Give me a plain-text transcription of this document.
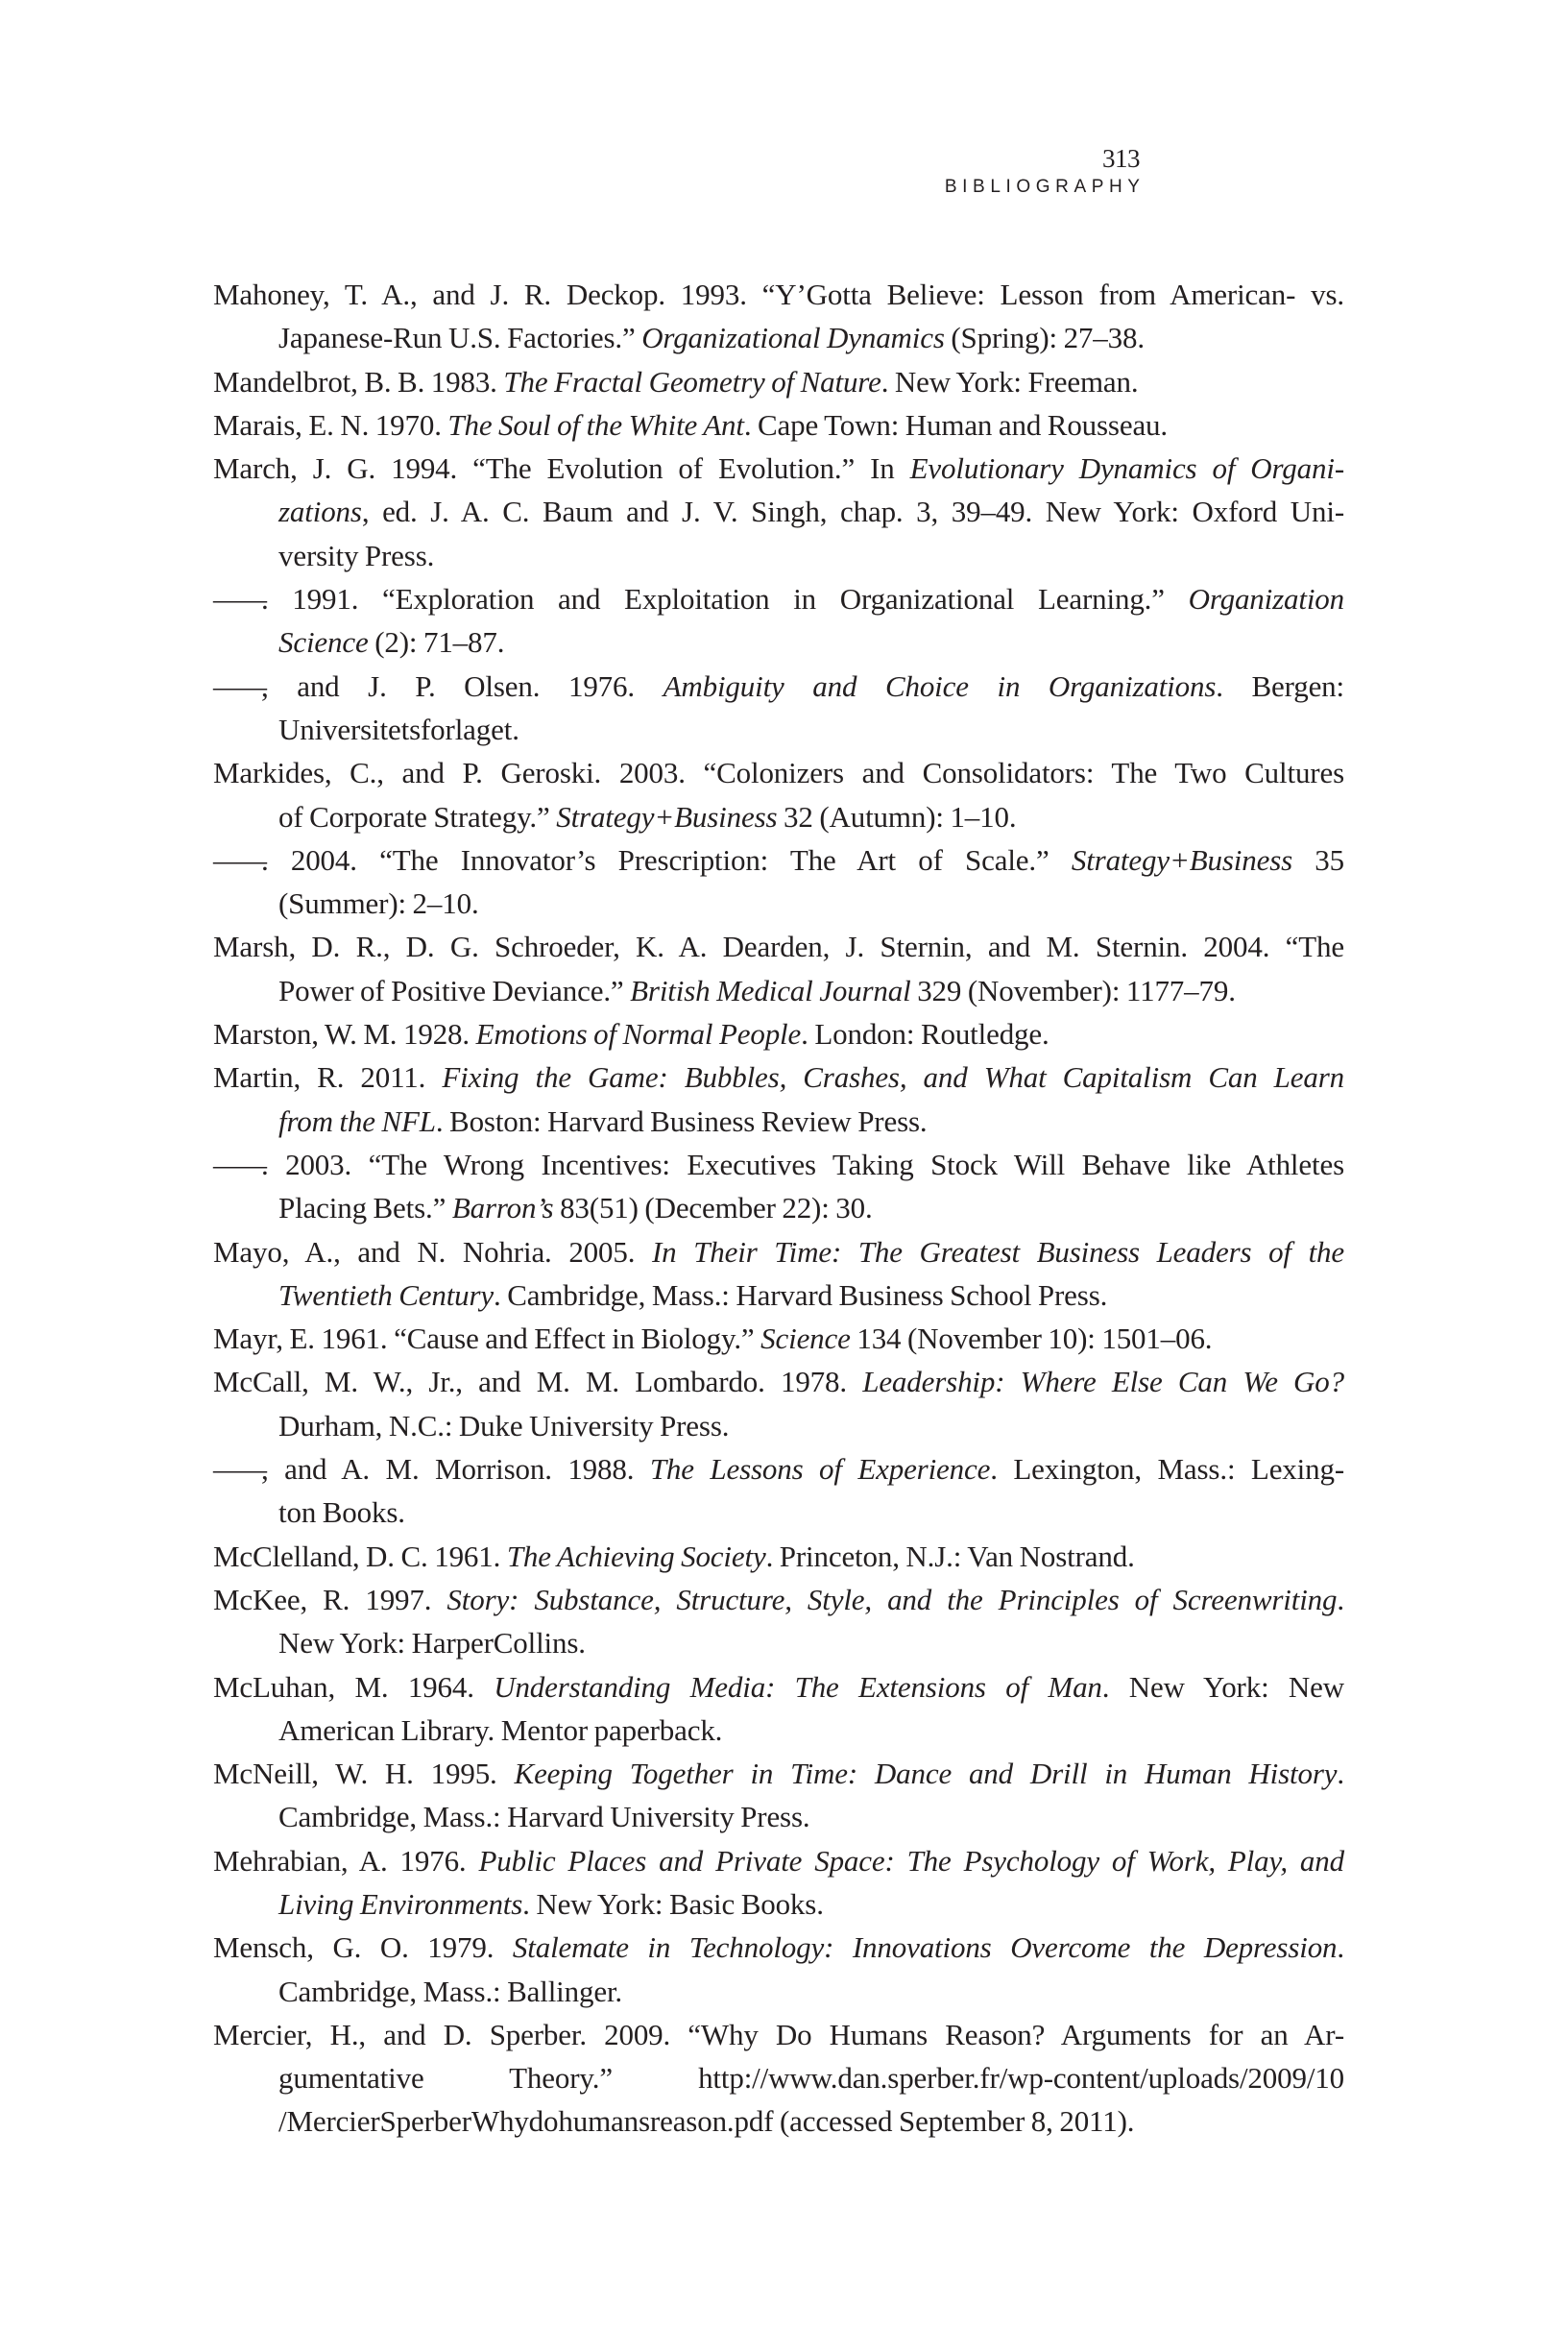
313
BIBLIOGRAPHY
Mahoney, T. A., and J. R. Deckop. 1993. “Y’Gotta Believe: Lesson from American- vs.
Japanese-Run U.S. Factories.” Organizational Dynamics (Spring): 27–38.
Mandelbrot, B. B. 1983. The Fractal Geometry of Nature. New York: Freeman.
Marais, E. N. 1970. The Soul of the White Ant. Cape Town: Human and Rousseau.
March, J. G. 1994. “The Evolution of Evolution.” In Evolutionary Dynamics of Organi-
zations, ed. J. A. C. Baum and J. V. Singh, chap. 3, 39–49. New York: Oxford Uni-
versity Press.
——. 1991. “Exploration and Exploitation in Organizational Learning.” Organization
Science (2): 71–87.
——, and J. P. Olsen. 1976. Ambiguity and Choice in Organizations. Bergen:
Universitetsforlaget.
Markides, C., and P. Geroski. 2003. “Colonizers and Consolidators: The Two Cultures
of Corporate Strategy.” Strategy+Business 32 (Autumn): 1–10.
——. 2004. “The Innovator’s Prescription: The Art of Scale.” Strategy+Business 35
(Summer): 2–10.
Marsh, D. R., D. G. Schroeder, K. A. Dearden, J. Sternin, and M. Sternin. 2004. “The
Power of Positive Deviance.” British Medical Journal 329 (November): 1177–79.
Marston, W. M. 1928. Emotions of Normal People. London: Routledge.
Martin, R. 2011. Fixing the Game: Bubbles, Crashes, and What Capitalism Can Learn
from the NFL. Boston: Harvard Business Review Press.
——. 2003. “The Wrong Incentives: Executives Taking Stock Will Behave like Athletes
Placing Bets.” Barron’s 83(51) (December 22): 30.
Mayo, A., and N. Nohria. 2005. In Their Time: The Greatest Business Leaders of the
Twentieth Century. Cambridge, Mass.: Harvard Business School Press.
Mayr, E. 1961. “Cause and Effect in Biology.” Science 134 (November 10): 1501–06.
McCall, M. W., Jr., and M. M. Lombardo. 1978. Leadership: Where Else Can We Go?
Durham, N.C.: Duke University Press.
——, and A. M. Morrison. 1988. The Lessons of Experience. Lexington, Mass.: Lexing-
ton Books.
McClelland, D. C. 1961. The Achieving Society. Princeton, N.J.: Van Nostrand.
McKee, R. 1997. Story: Substance, Structure, Style, and the Principles of Screenwriting.
New York: HarperCollins.
McLuhan, M. 1964. Understanding Media: The Extensions of Man. New York: New
American Library. Mentor paperback.
McNeill, W. H. 1995. Keeping Together in Time: Dance and Drill in Human History.
Cambridge, Mass.: Harvard University Press.
Mehrabian, A. 1976. Public Places and Private Space: The Psychology of Work, Play, and
Living Environments. New York: Basic Books.
Mensch, G. O. 1979. Stalemate in Technology: Innovations Overcome the Depression.
Cambridge, Mass.: Ballinger.
Mercier, H., and D. Sperber. 2009. “Why Do Humans Reason? Arguments for an Ar-
gumentative Theory.” http://www.dan.sperber.fr/wp-content/uploads/2009/10
/MercierSperberWhydohumansreason.pdf (accessed September 8, 2011).
